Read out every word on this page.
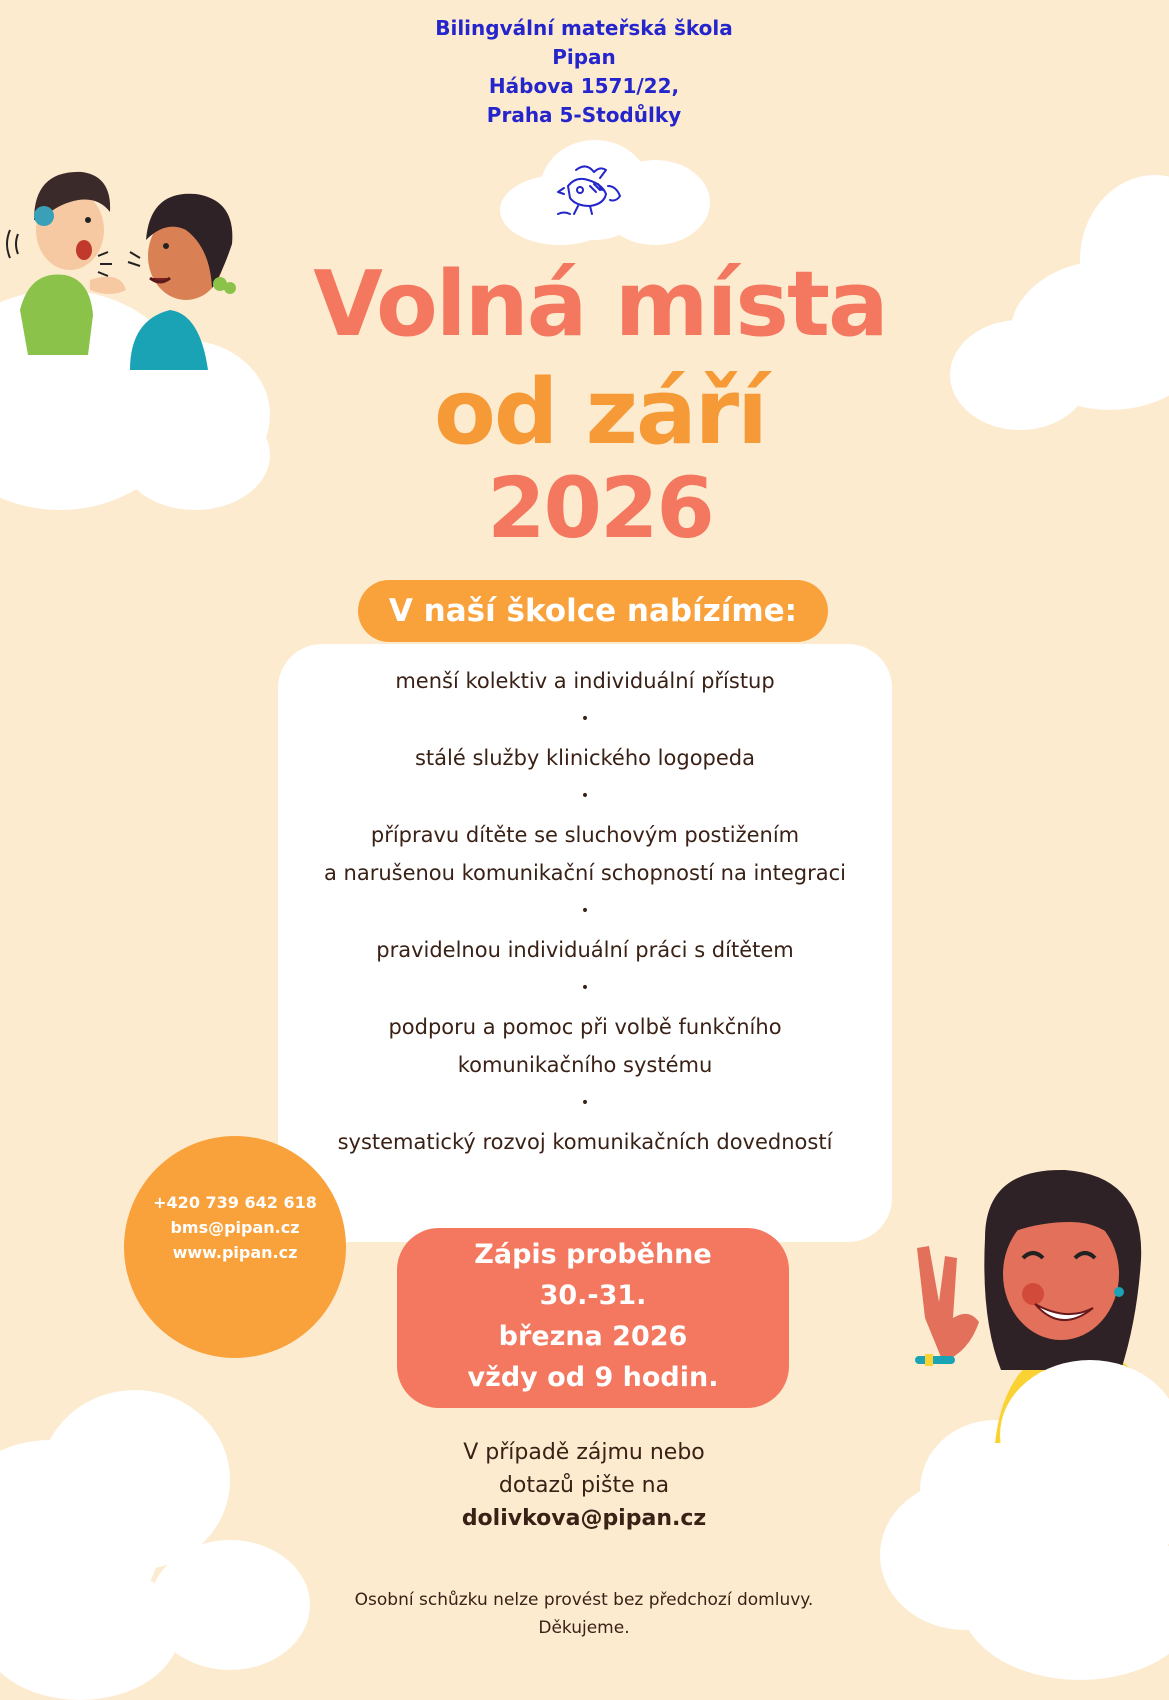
Bilingvální mateřská škola
Pipan
Hábova 1571/22,
Praha 5-Stodůlky
Volná místa
od září
2026
V naší školce nabízíme:
menší kolektiv a individuální přístup
•
stálé služby klinického logopeda
•
přípravu dítěte se sluchovým postižením
a narušenou komunikační schopností na integraci
•
pravidelnou individuální práci s dítětem
•
podporu a pomoc při volbě funkčního
komunikačního systému
•
systematický rozvoj komunikačních dovedností
+420 739 642 618
bms@pipan.cz
www.pipan.cz	Zápis proběhne
30.-31.
března 2026
vždy od 9 hodin.
V případě zájmu nebo
dotazů pište na
dolivkova@pipan.cz
Osobní schůzku nelze provést bez předchozí domluvy.
Děkujeme.
